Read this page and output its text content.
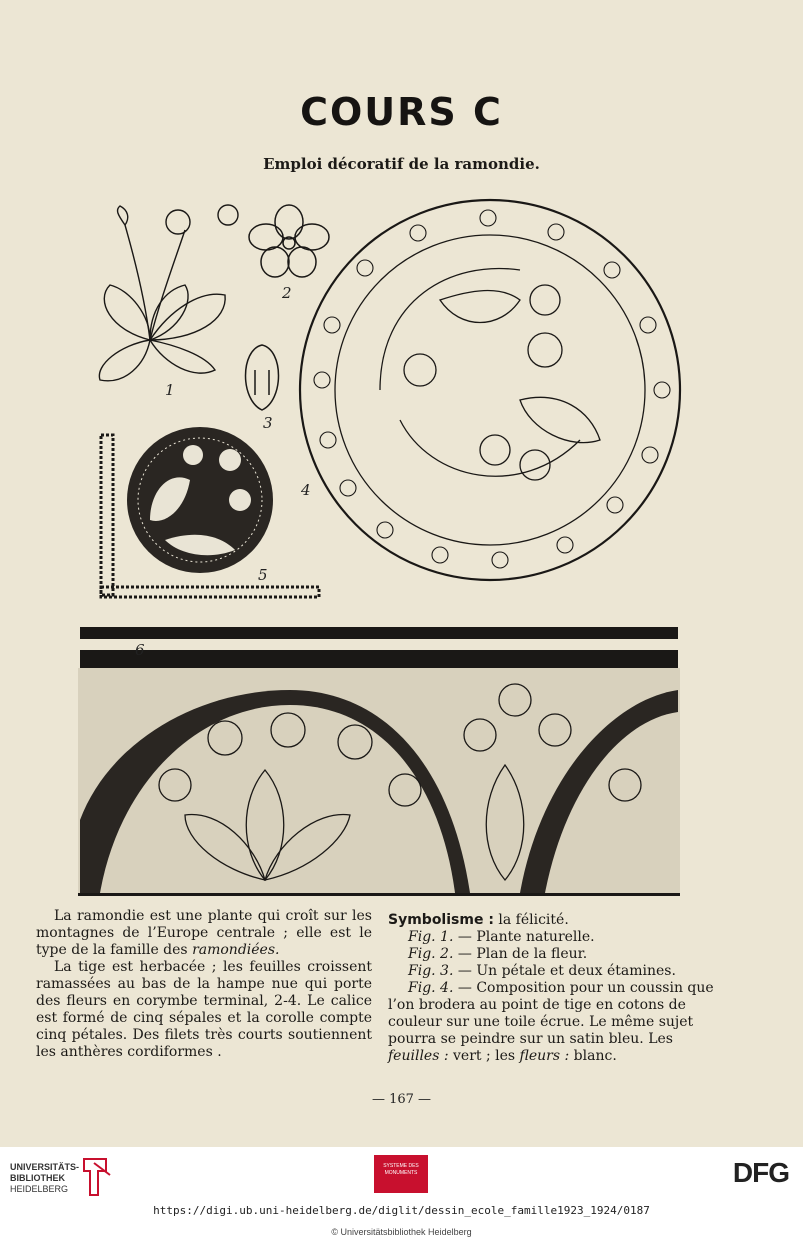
COURS C
Emploi décoratif de la ramondie.
1
2
3
4
5
6

La ramondie est une plante qui croît sur les montagnes de l’Europe centrale ; elle est le type de la famille des ramondiées.

La tige est herbacée ; les feuilles croissent ramassées au bas de la hampe nue qui porte des fleurs en corymbe terminal, 2-4. Le calice est formé de cinq sépales et la corolle compte cinq pétales. Des filets très courts soutiennent les anthères cordiformes .

Symbolisme : la félicité.

Fig. 1. — Plante naturelle.

Fig. 2. — Plan de la fleur.

Fig. 3. — Un pétale et deux étamines.

Fig. 4. — Composition pour un coussin que l’on brodera au point de tige en cotons de couleur sur une toile écrue. Le même sujet pourra se peindre sur un satin bleu. Les feuilles : vert ; les fleurs : blanc.

— 167 —
UNIVERSITÄTS-
BIBLIOTHEK
HEIDELBERG
SYSTEME DES MONUMENTS	DFG
https://digi.ub.uni-heidelberg.de/diglit/dessin_ecole_famille1923_1924/0187
© Universitätsbibliothek Heidelberg
